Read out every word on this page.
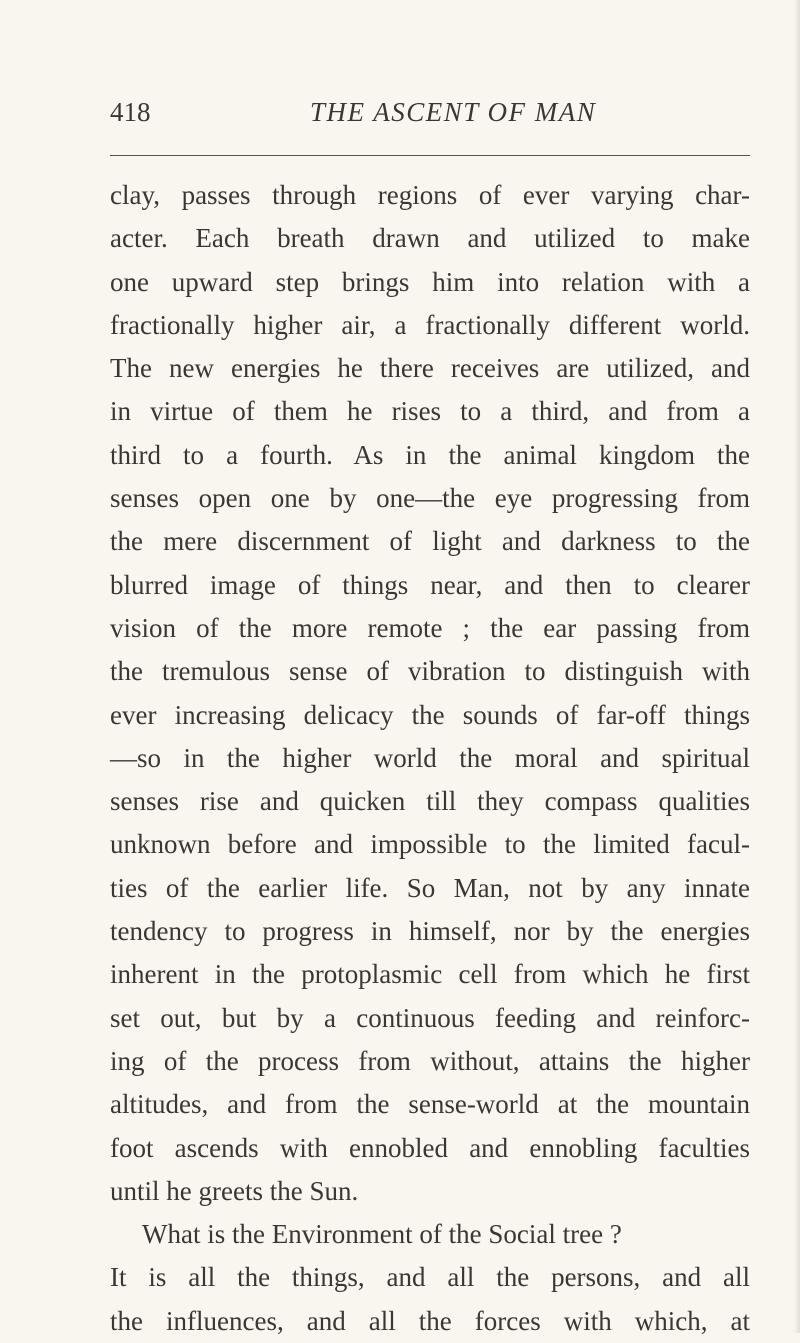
418	THE ASCENT OF MAN
clay, passes through regions of ever varying char-
acter. Each breath drawn and utilized to make
one upward step brings him into relation with a
fractionally higher air, a fractionally different world.
The new energies he there receives are utilized, and
in virtue of them he rises to a third, and from a
third to a fourth. As in the animal kingdom the
senses open one by one—the eye progressing from
the mere discernment of light and darkness to the
blurred image of things near, and then to clearer
vision of the more remote ; the ear passing from
the tremulous sense of vibration to distinguish with
ever increasing delicacy the sounds of far-off things
—so in the higher world the moral and spiritual
senses rise and quicken till they compass qualities
unknown before and impossible to the limited facul-
ties of the earlier life. So Man, not by any innate
tendency to progress in himself, nor by the energies
inherent in the protoplasmic cell from which he first
set out, but by a continuous feeding and reinforc-
ing of the process from without, attains the higher
altitudes, and from the sense-world at the mountain
foot ascends with ennobled and ennobling faculties
until he greets the Sun.
What is the Environment of the Social tree ?
It is all the things, and all the persons, and all
the influences, and all the forces with which, at
